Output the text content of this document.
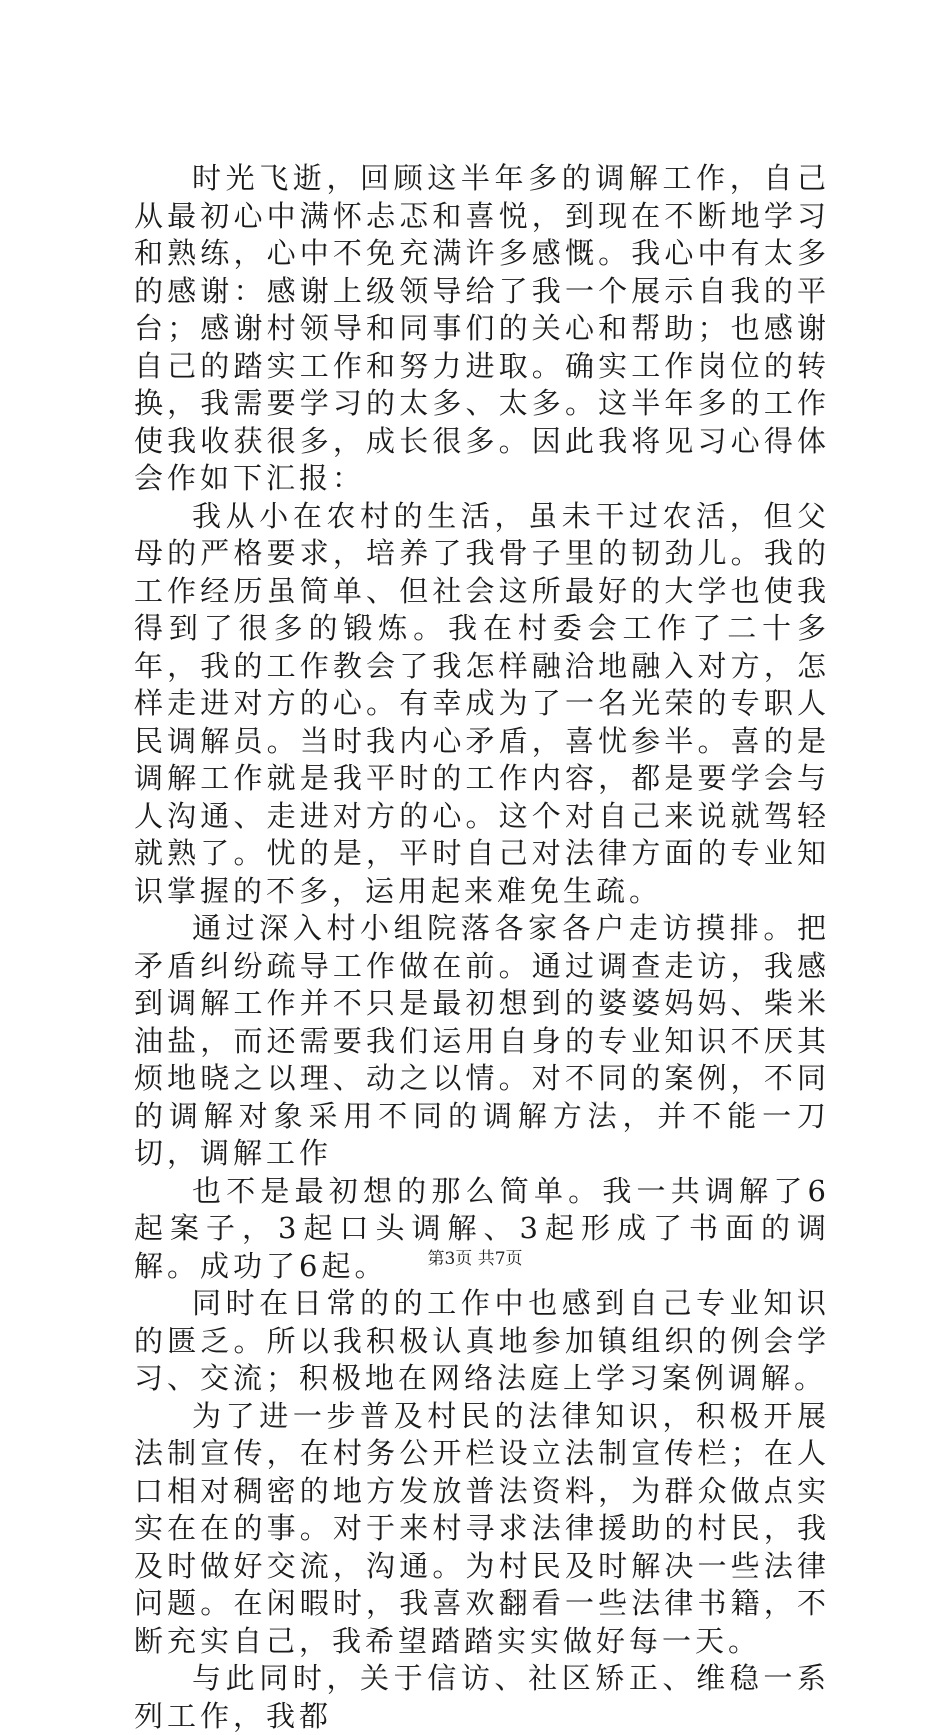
时光飞逝，回顾这半年多的调解工作，自己从最初心中满怀忐忑和喜悦，到现在不断地学习和熟练，心中不免充满许多感慨。我心中有太多的感谢：感谢上级领导给了我一个展示自我的平台；感谢村领导和同事们的关心和帮助；也感谢自己的踏实工作和努力进取。确实工作岗位的转换，我需要学习的太多、太多。这半年多的工作使我收获很多，成长很多。因此我将见习心得体会作如下汇报：

我从小在农村的生活，虽未干过农活，但父母的严格要求，培养了我骨子里的韧劲儿。我的工作经历虽简单、但社会这所最好的大学也使我得到了很多的锻炼。我在村委会工作了二十多年，我的工作教会了我怎样融洽地融入对方，怎样走进对方的心。有幸成为了一名光荣的专职人民调解员。当时我内心矛盾，喜忧参半。喜的是调解工作就是我平时的工作内容，都是要学会与人沟通、走进对方的心。这个对自己来说就驾轻就熟了。忧的是，平时自己对法律方面的专业知识掌握的不多，运用起来难免生疏。

通过深入村小组院落各家各户走访摸排。把矛盾纠纷疏导工作做在前。通过调查走访，我感到调解工作并不只是最初想到的婆婆妈妈、柴米油盐，而还需要我们运用自身的专业知识不厌其烦地晓之以理、动之以情。对不同的案例，不同的调解对象采用不同的调解方法，并不能一刀切，调解工作

也不是最初想的那么简单。我一共调解了6起案子，3起口头调解、3起形成了书面的调解。成功了6起。

同时在日常的的工作中也感到自己专业知识的匮乏。所以我积极认真地参加镇组织的例会学习、交流；积极地在网络法庭上学习案例调解。

为了进一步普及村民的法律知识，积极开展法制宣传，在村务公开栏设立法制宣传栏；在人口相对稠密的地方发放普法资料，为群众做点实实在在的事。对于来村寻求法律援助的村民，我及时做好交流，沟通。为村民及时解决一些法律问题。在闲暇时，我喜欢翻看一些法律书籍，不断充实自己，我希望踏踏实实做好每一天。

与此同时，关于信访、社区矫正、维稳一系列工作，我都

第3页 共7页
